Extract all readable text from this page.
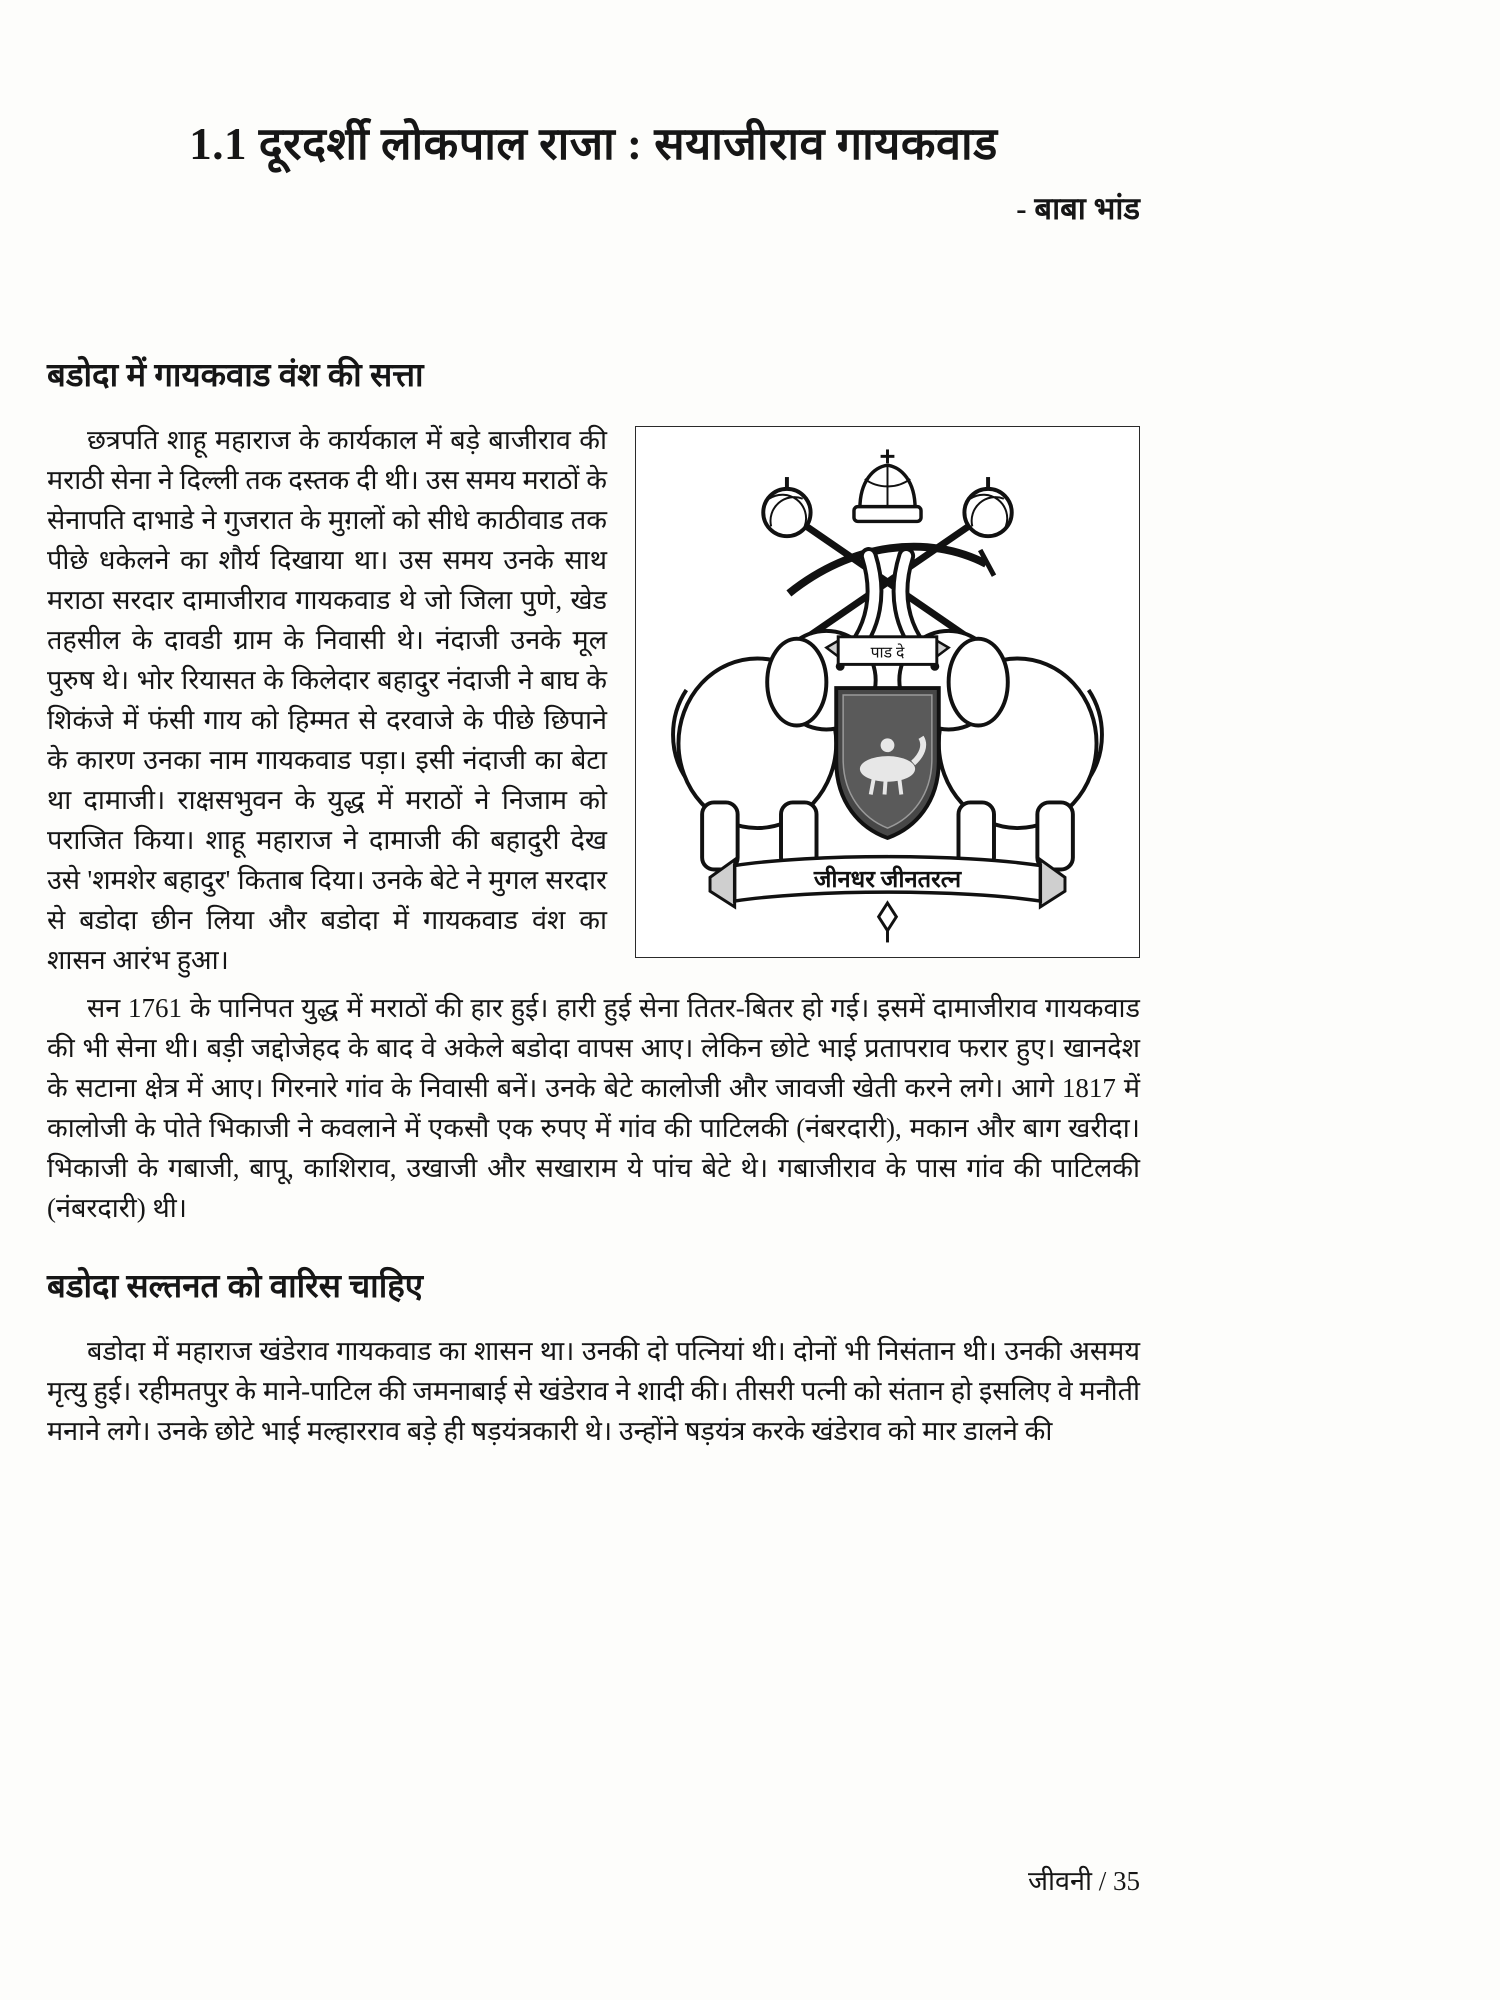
1.1 दूरदर्शी लोकपाल राजा : सयाजीराव गायकवाड
- बाबा भांड
बडोदा में गायकवाड वंश की सत्ता
पाड दे
जीनधर जीनतरत्न

छत्रपति शाहू महाराज के कार्यकाल में बड़े बाजीराव की मराठी सेना ने दिल्ली तक दस्तक दी थी। उस समय मराठों के सेनापति दाभाडे ने गुजरात के मुग़लों को सीधे काठीवाड तक पीछे धकेलने का शौर्य दिखाया था। उस समय उनके साथ मराठा सरदार दामाजीराव गायकवाड थे जो जिला पुणे, खेड तहसील के दावडी ग्राम के निवासी थे। नंदाजी उनके मूल पुरुष थे। भोर रियासत के किलेदार बहादुर नंदाजी ने बाघ के शिकंजे में फंसी गाय को हिम्मत से दरवाजे के पीछे छिपाने के कारण उनका नाम गायकवाड पड़ा। इसी नंदाजी का बेटा था दामाजी। राक्षसभुवन के युद्ध में मराठों ने निजाम को पराजित किया। शाहू महाराज ने दामाजी की बहादुरी देख उसे 'शमशेर बहादुर' किताब दिया। उनके बेटे ने मुगल सरदार से बडोदा छीन लिया और बडोदा में गायकवाड वंश का शासन आरंभ हुआ।

सन 1761 के पानिपत युद्ध में मराठों की हार हुई। हारी हुई सेना तितर-बितर हो गई। इसमें दामाजीराव गायकवाड की भी सेना थी। बड़ी जद्दोजेहद के बाद वे अकेले बडोदा वापस आए। लेकिन छोटे भाई प्रतापराव फरार हुए। खानदेश के सटाना क्षेत्र में आए। गिरनारे गांव के निवासी बनें। उनके बेटे कालोजी और जावजी खेती करने लगे। आगे 1817 में कालोजी के पोते भिकाजी ने कवलाने में एकसौ एक रुपए में गांव की पाटिलकी (नंबरदारी), मकान और बाग खरीदा। भिकाजी के गबाजी, बापू, काशिराव, उखाजी और सखाराम ये पांच बेटे थे। गबाजीराव के पास गांव की पाटिलकी (नंबरदारी) थी।

बडोदा सल्तनत को वारिस चाहिए

बडोदा में महाराज खंडेराव गायकवाड का शासन था। उनकी दो पत्नियां थी। दोनों भी निसंतान थी। उनकी असमय मृत्यु हुई। रहीमतपुर के माने-पाटिल की जमनाबाई से खंडेराव ने शादी की। तीसरी पत्नी को संतान हो इसलिए वे मनौती मनाने लगे। उनके छोटे भाई मल्हारराव बड़े ही षड़यंत्रकारी थे। उन्होंने षड़यंत्र करके खंडेराव को मार डालने की

जीवनी / 35
